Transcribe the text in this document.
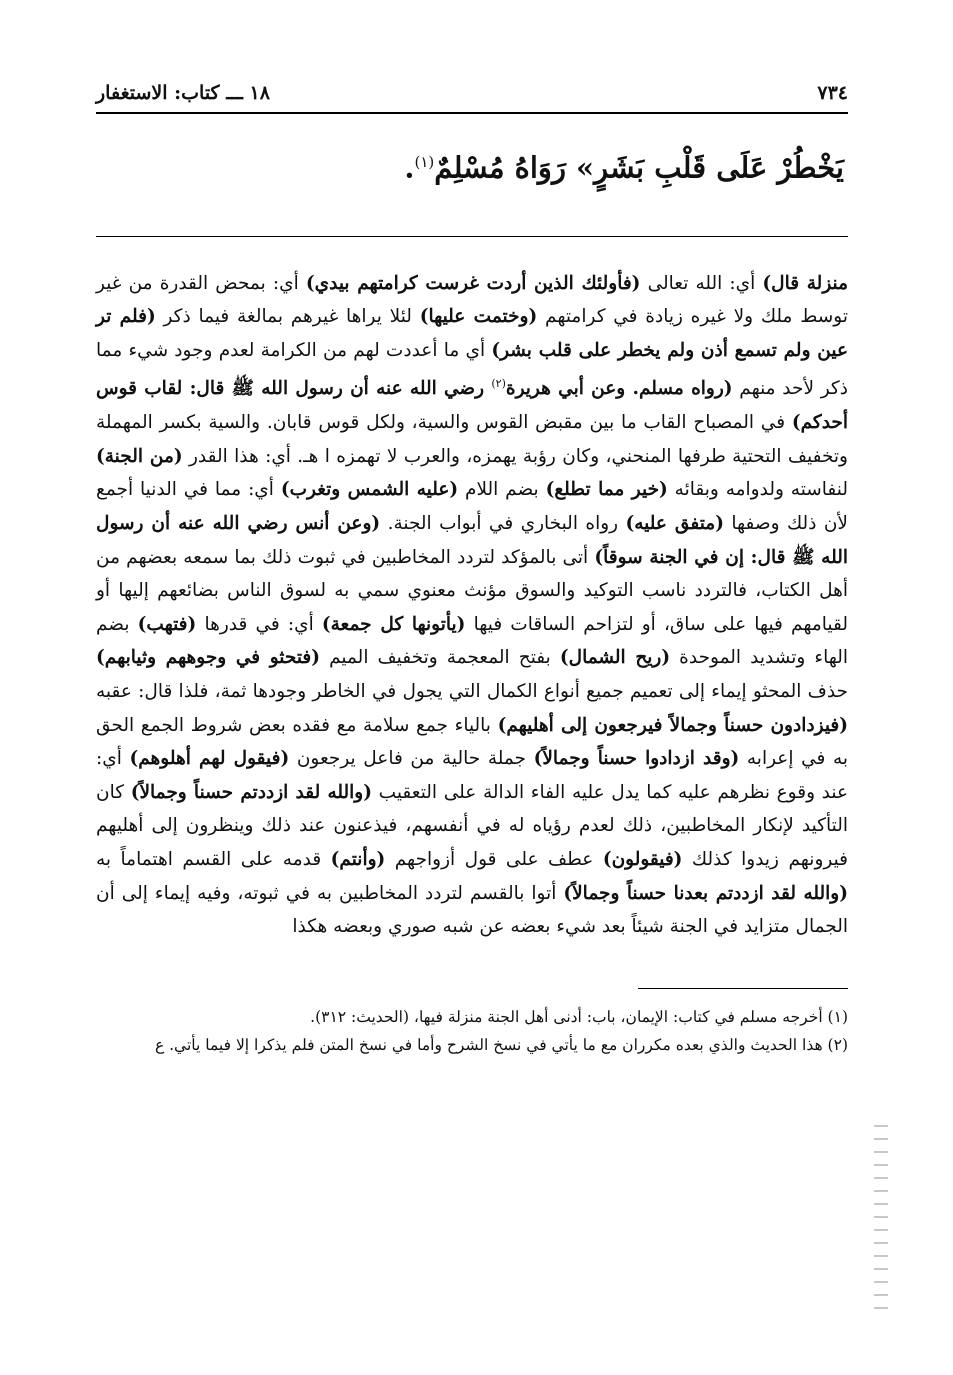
٧٣٤
١٨ ـــ كتاب: الاستغفار
يَخْطُرْ عَلَى قَلْبِ بَشَرٍ» رَوَاهُ مُسْلِمٌ$^{(١)}$.

منزلة قال) أي: الله تعالى (فأولئك الذين أردت غرست كرامتهم بيدي) أي: بمحض القدرة من غير توسط ملك ولا غيره زيادة في كرامتهم (وختمت عليها) لئلا يراها غيرهم بمالغة فيما ذكر (فلم تر عين ولم تسمع أذن ولم يخطر على قلب بشر) أي ما أعددت لهم من الكرامة لعدم وجود شيء مما ذكر لأحد منهم (رواه مسلم. وعن أبي هريرة$^{(٢)}$ رضي الله عنه أن رسول الله ﷺ قال: لقاب قوس أحدكم) في المصباح القاب ما بين مقبض القوس والسية، ولكل قوس قابان. والسية بكسر المهملة وتخفيف التحتية طرفها المنحني، وكان رؤبة يهمزه، والعرب لا تهمزه ا هـ. أي: هذا القدر (من الجنة) لنفاسته ولدوامه وبقائه (خير مما تطلع) بضم اللام (عليه الشمس وتغرب) أي: مما في الدنيا أجمع لأن ذلك وصفها (متفق عليه) رواه البخاري في أبواب الجنة. (وعن أنس رضي الله عنه أن رسول الله ﷺ قال: إن في الجنة سوقاً) أتى بالمؤكد لتردد المخاطبين في ثبوت ذلك بما سمعه بعضهم من أهل الكتاب، فالتردد ناسب التوكيد والسوق مؤنث معنوي سمي به لسوق الناس بضائعهم إليها أو لقيامهم فيها على ساق، أو لتزاحم الساقات فيها (يأتونها كل جمعة) أي: في قدرها (فتهب) بضم الهاء وتشديد الموحدة (ريح الشمال) بفتح المعجمة وتخفيف الميم (فتحثو في وجوههم وثيابهم) حذف المحثو إيماء إلى تعميم جميع أنواع الكمال التي يجول في الخاطر وجودها ثمة، فلذا قال: عقبه (فيزدادون حسناً وجمالاً فيرجعون إلى أهليهم) بالياء جمع سلامة مع فقده بعض شروط الجمع الحق به في إعرابه (وقد ازدادوا حسناً وجمالاً) جملة حالية من فاعل يرجعون (فيقول لهم أهلوهم) أي: عند وقوع نظرهم عليه كما يدل عليه الفاء الدالة على التعقيب (والله لقد ازددتم حسناً وجمالاً) كان التأكيد لإنكار المخاطبين، ذلك لعدم رؤياه له في أنفسهم، فيذعنون عند ذلك وينظرون إلى أهليهم فيرونهم زيدوا كذلك (فيقولون) عطف على قول أزواجهم (وأنتم) قدمه على القسم اهتماماً به (والله لقد ازددتم بعدنا حسناً وجمالاً) أتوا بالقسم لتردد المخاطبين به في ثبوته، وفيه إيماء إلى أن الجمال متزايد في الجنة شيئاً بعد شيء بعضه عن شبه صوري وبعضه هكذا

(١) أخرجه مسلم في كتاب: الإيمان، باب: أدنى أهل الجنة منزلة فيها، (الحديث: ٣١٢).

(٢) هذا الحديث والذي بعده مكرران مع ما يأتي في نسخ الشرح وأما في نسخ المتن فلم يذكرا إلا فيما يأتي. ع
